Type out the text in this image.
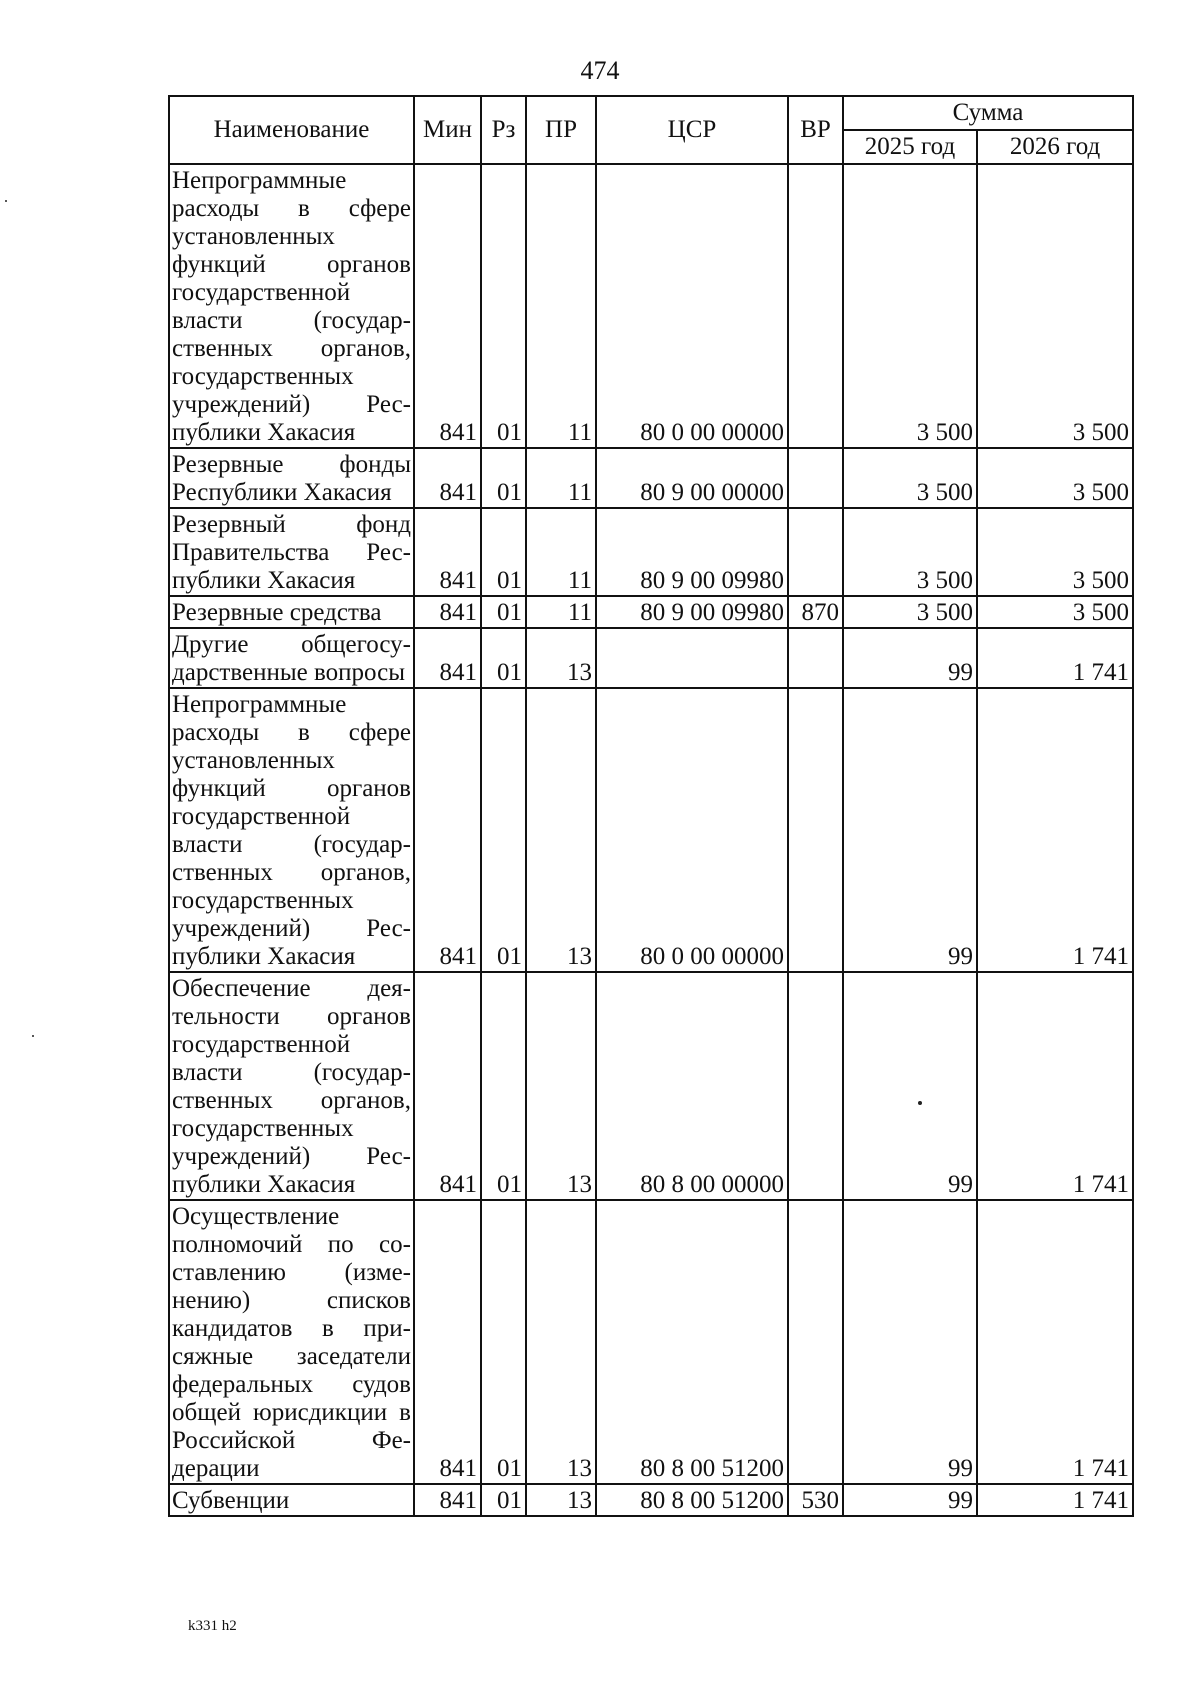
474
Наименование	Мин	Рз	ПР	ЦСР	ВР	Сумма	
						2025 год	2026 год
Непрограммные расходы в сфере установленных функций органов государственной власти (государственных органов, государственных учреждений) Республики Хакасия	841	01	11	80 0 00 00000		3 500	3 500
Резервные фонды Республики Хакасия	841	01	11	80 9 00 00000		3 500	3 500
Резервный фонд Правительства Республики Хакасия	841	01	11	80 9 00 09980		3 500	3 500
Резервные средства	841	01	11	80 9 00 09980	870	3 500	3 500
Другие общегосударственные вопросы	841	01	13			99	1 741
Непрограммные расходы в сфере установленных функций органов государственной власти (государственных органов, государственных учреждений) Республики Хакасия	841	01	13	80 0 00 00000		99	1 741
Обеспечение деятельности органов государственной власти (государственных органов, государственных учреждений) Республики Хакасия	841	01	13	80 8 00 00000		99	1 741
Осуществление полномочий по составлению (изменению) списков кандидатов в присяжные заседатели федеральных судов общей юрисдикции в Российской Федерации	841	01	13	80 8 00 51200		99	1 741
Субвенции	841	01	13	80 8 00 51200	530	99	1 741
k331 h2
